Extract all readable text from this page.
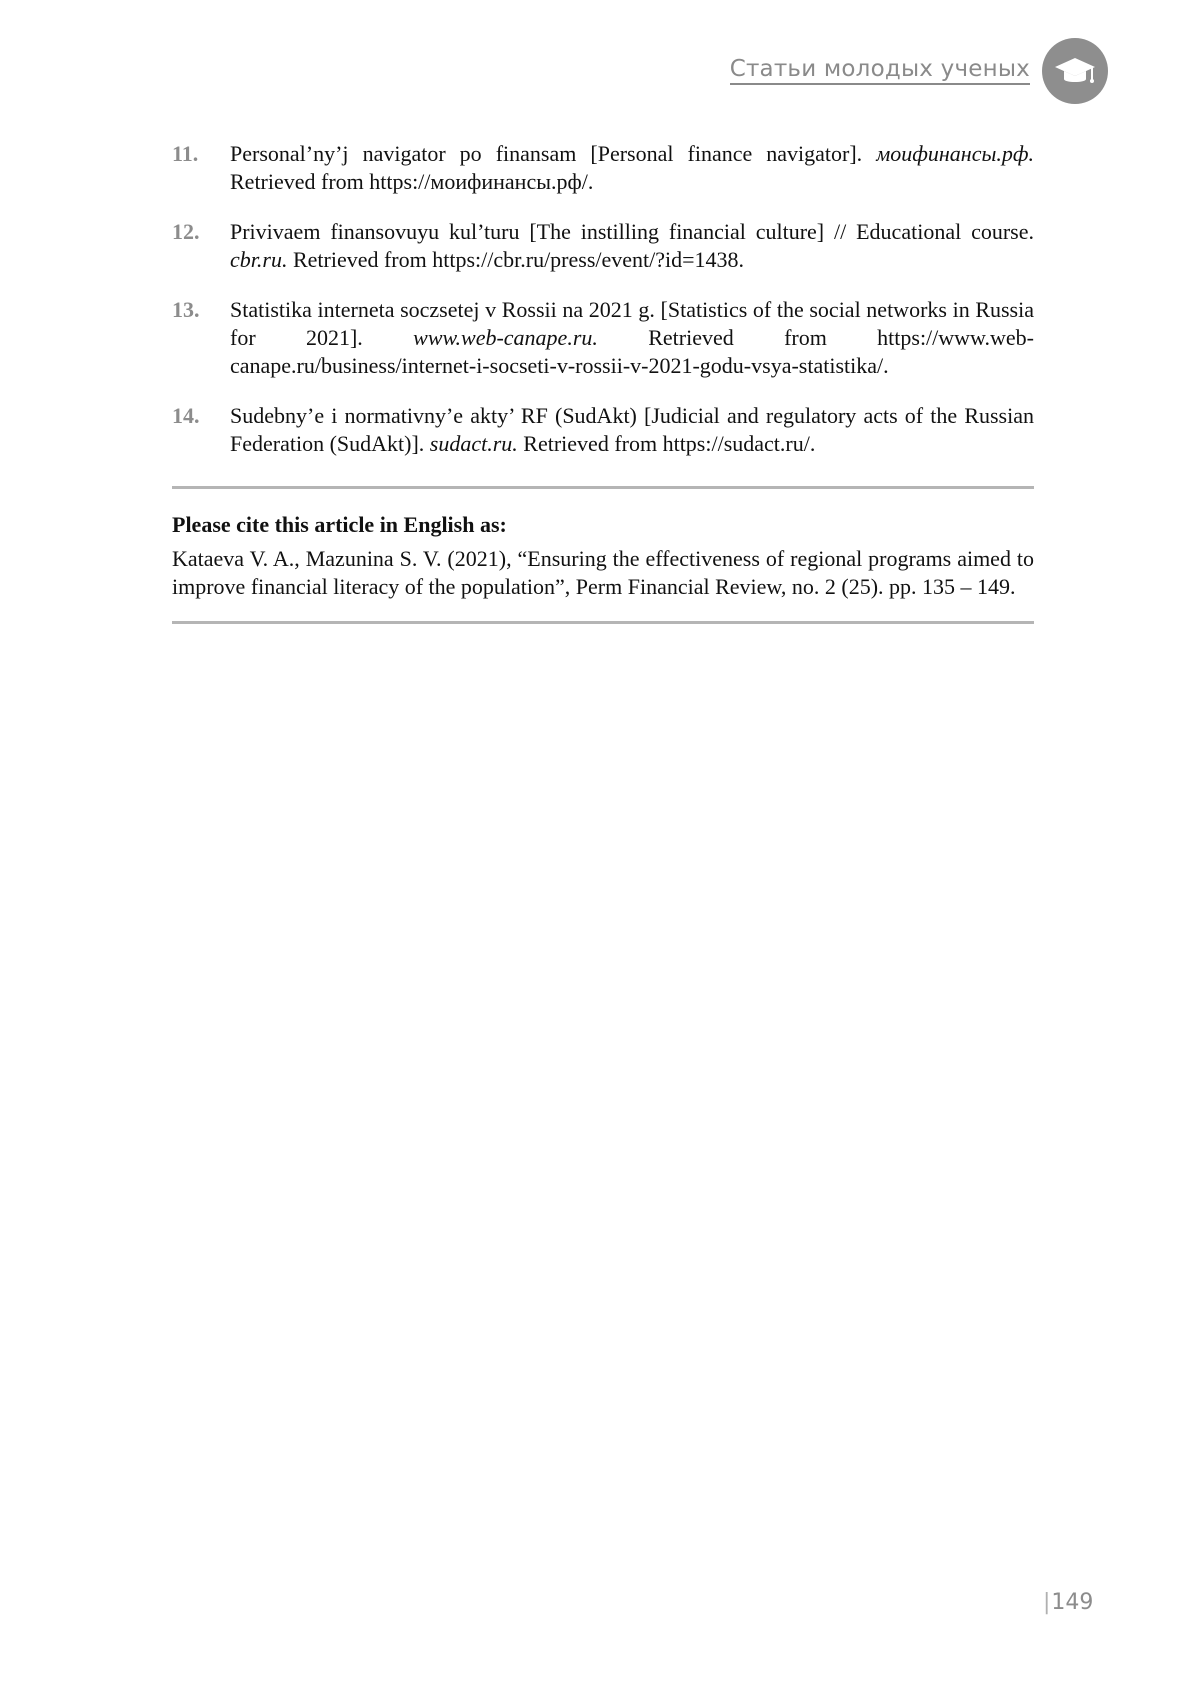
Статьи молодых ученых
11.	Personal’ny’j navigator po finansam [Personal finance navigator]. моифинансы.рф. Retrieved from https://моифинансы.рф/.
12.	Privivaem finansovuyu kul’turu [The instilling financial culture] // Educational course. cbr.ru. Retrieved from https://cbr.ru/press/event/?id=1438.
13.	Statistika interneta soczsetej v Rossii na 2021 g. [Statistics of the social networks in Russia for 2021]. www.web-canape.ru. Retrieved from https://www.web-canape.ru/business/internet-i-socseti-v-rossii-v-2021-godu-vsya-statistika/.
14.	Sudebny’e i normativny’e akty’ RF (SudAkt) [Judicial and regulatory acts of the Russian Federation (SudAkt)]. sudact.ru. Retrieved from https://sudact.ru/.
Please cite this article in English as:
Kataeva V. A., Mazunina S. V. (2021), “Ensuring the effectiveness of regional programs aimed to improve financial literacy of the population”, Perm Financial Review, no. 2 (25). pp. 135 – 149.
|149
